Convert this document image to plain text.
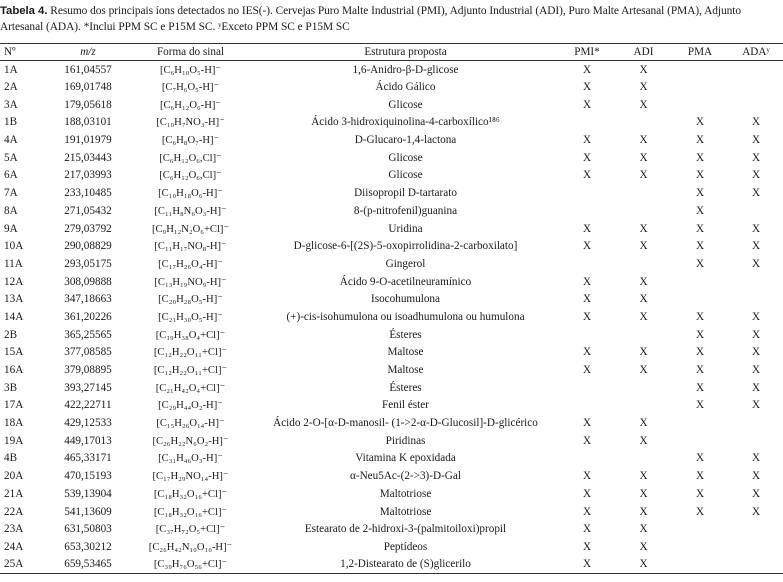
Tabela 4. Resumo dos principais íons detectados no IES(-). Cervejas Puro Malte Industrial (PMI), Adjunto Industrial (ADI), Puro Malte Artesanal (PMA), Adjunto Artesanal (ADA). *Inclui PPM SC e P15M SC. ʸExceto PPM SC e P15M SC
Nº	m/z	Forma do sinal	Estrutura proposta	PMI*	ADI	PMA	ADAʸ
1A	161,04557	[C₆H₁₀O₅-H]⁻	1,6-Anidro-β-D-glicose	X	X		
2A	169,01748	[C₇H₆O₅-H]⁻	Ácido Gálico	X	X		
3A	179,05618	[C₆H₁₂O₆-H]⁻	Glicose	X	X		
1B	188,03101	[C₁₀H₇NO₃-H]⁻	Ácido 3-hidroxiquinolina-4-carboxílico¹⁸⁶			X	X
4A	191,01979	[C₆H₈O₇-H]⁻	D-Glucaro-1,4-lactona	X	X	X	X
5A	215,03443	[C₆H₁₂O₆,Cl]⁻	Glicose	X	X	X	X
6A	217,03993	[C₆H₁₂O₆,Cl]⁻	Glicose	X	X	X	X
7A	233,10485	[C₁₀H₁₈O₆-H]⁻	Diisopropil D-tartarato			X	X
8A	271,05432	[C₁₁H₈N₆O₃-H]⁻	8-(p-nitrofenil)guanina			X	
9A	279,03792	[C₉H₁₂N₂O₆+Cl]⁻	Uridina	X	X	X	X
10A	290,08829	[C₁₁H₁₇NO₈-H]⁻	D-glicose-6-[(2S)-5-oxopirrolidina-2-carboxilato]	X	X	X	X
11A	293,05175	[C₁₇H₂₆O₄-H]⁻	Gingerol			X	X
12A	308,09888	[C₁₃H₁₉NO₉-H]⁻	Ácido 9-O-acetilneuramínico	X	X		
13A	347,18663	[C₂₀H₂₈O₅-H]⁻	Isocohumulona	X	X		
14A	361,20226	[C₂₁H₃₀O₅-H]⁻	(+)-cis-isohumulona ou isoadhumulona ou humulona	X	X	X	X
2B	365,25565	[C₁₉H₃₈O₄+Cl]⁻	Ésteres			X	X
15A	377,08585	[C₁₂H₂₂O₁₁+Cl]⁻	Maltose	X	X	X	X
16A	379,08895	[C₁₂H₂₂O₁₁+Cl]⁻	Maltose	X	X	X	X
3B	393,27145	[C₂₁H₄₂O₄+Cl]⁻	Ésteres			X	X
17A	422,22711	[C₂₉H₄₄O₂-H]⁻	Fenil éster			X	X
18A	429,12533	[C₁₅H₂₆O₁₄-H]⁻	Ácido 2-O-[α-D-manosil- (1->2-α-D-Glucosil]-D-glicérico	X	X		
19A	449,17013	[C₂₆H₂₂N₆O₂-H]⁻	Piridinas	X	X		
4B	465,33171	[C₃₁H₄₆O₃-H]⁻	Vitamina K epoxidada			X	X
20A	470,15193	[C₁₇H₂₉NO₁₄-H]⁻	α-Neu5Ac-(2->3)-D-Gal	X	X	X	X
21A	539,13904	[C₁₈H₃₂O₁₆+Cl]⁻	Maltotriose	X	X	X	X
22A	541,13609	[C₁₈H₃₂O₁₆+Cl]⁻	Maltotriose	X	X	X	X
23A	631,50803	[C₃₇H₇₂O₅+Cl]⁻	Estearato de 2-hidroxi-3-(palmitoiloxi)propil	X	X		
24A	653,30212	[C₂₆H₄₂N₁₀O₁₀-H]⁻	Peptídeos	X	X		
25A	659,53465	[C₃₉H₇₆O₅₆+Cl]⁻	1,2-Distearato de (S)glicerilo	X	X		
